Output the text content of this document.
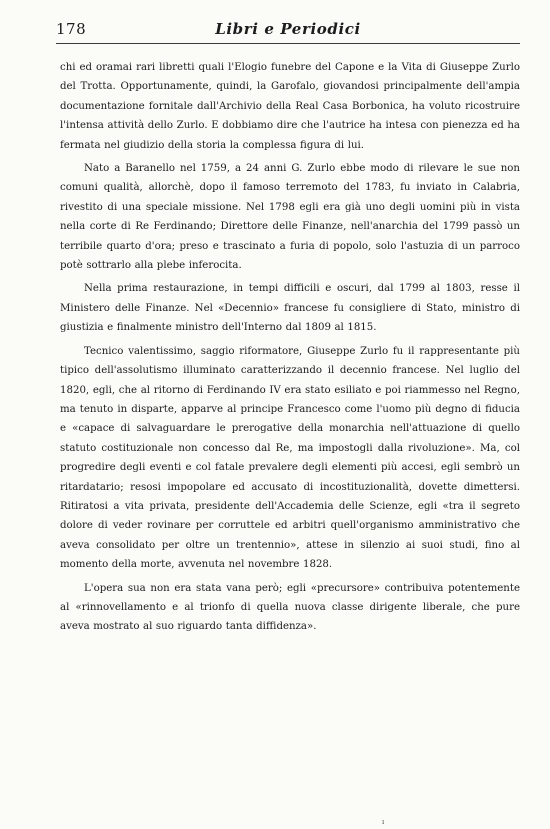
178	Libri e Periodici

chi ed oramai rari libretti quali l'Elogio funebre del Capone e la Vita di Giuseppe Zurlo del Trotta. Opportunamente, quindi, la Garofalo, giovandosi principalmente dell'ampia documentazione fornitale dall'Archivio della Real Casa Borbonica, ha voluto ricostruire l'intensa attività dello Zurlo. E dobbiamo dire che l'autrice ha intesa con pienezza ed ha fermata nel giudizio della storia la complessa figura di lui.

Nato a Baranello nel 1759, a 24 anni G. Zurlo ebbe modo di rilevare le sue non comuni qualità, allorchè, dopo il famoso terremoto del 1783, fu inviato in Calabria, rivestito di una speciale missione. Nel 1798 egli era già uno degli uomini più in vista nella corte di Re Ferdinando; Direttore delle Finanze, nell'anarchia del 1799 passò un terribile quarto d'ora; preso e trascinato a furia di popolo, solo l'astuzia di un parroco potè sottrarlo alla plebe inferocita.

Nella prima restaurazione, in tempi difficili e oscuri, dal 1799 al 1803, resse il Ministero delle Finanze. Nel «Decennio» francese fu consigliere di Stato, ministro di giustizia e finalmente ministro dell'Interno dal 1809 al 1815.

Tecnico valentissimo, saggio riformatore, Giuseppe Zurlo fu il rappresentante più tipico dell'assolutismo illuminato caratterizzando il decennio francese. Nel luglio del 1820, egli, che al ritorno di Ferdinando IV era stato esiliato e poi riammesso nel Regno, ma tenuto in disparte, apparve al principe Francesco come l'uomo più degno di fiducia e «capace di salvaguardare le prerogative della monarchia nell'attuazione di quello statuto costituzionale non concesso dal Re, ma impostogli dalla rivoluzione». Ma, col progredire degli eventi e col fatale prevalere degli elementi più accesi, egli sembrò un ritardatario; resosi impopolare ed accusato di incostituzionalità, dovette dimettersi. Ritiratosi a vita privata, presidente dell'Accademia delle Scienze, egli «tra il segreto dolore di veder rovinare per corruttele ed arbitri quell'organismo amministrativo che aveva consolidato per oltre un trentennio», attese in silenzio ai suoi studi, fino al momento della morte, avvenuta nel novembre 1828.

L'opera sua non era stata vana però; egli «precursore» contribuiva potentemente al «rinnovellamento e al trionfo di quella nuova classe dirigente liberale, che pure aveva mostrato al suo riguardo tanta diffidenza».

ı
